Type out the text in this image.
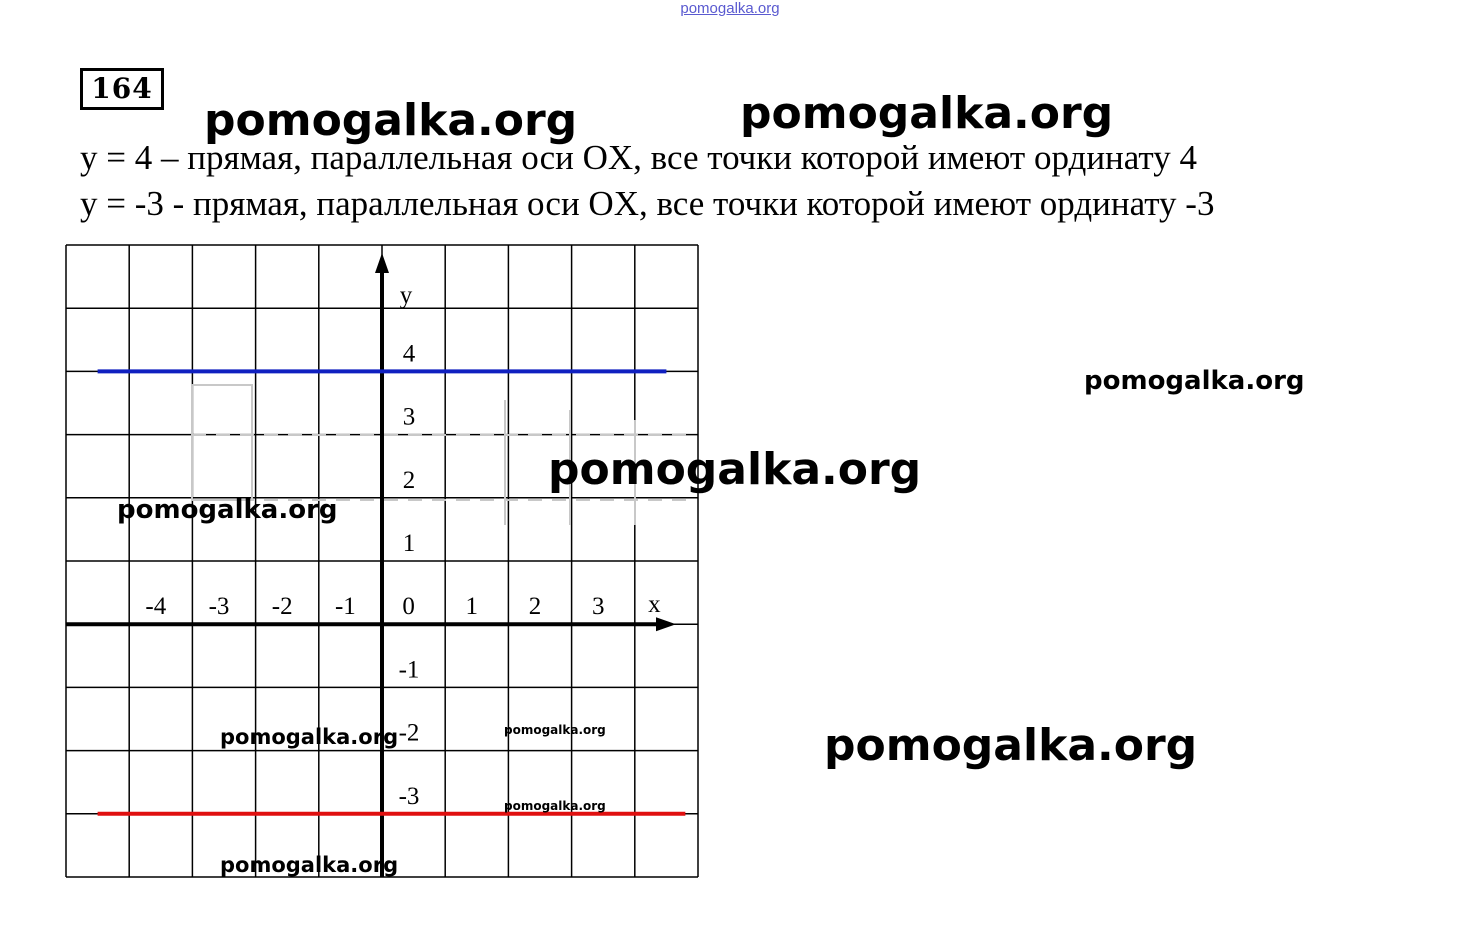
pomogalka.org
164
y = 4 – прямая, параллельная оси OX, все точки которой имеют ординату 4
y = -3 - прямая, параллельная оси OX, все точки которой имеют ординату -3
-4 -3 -2 -1 0 1 2 3
4
3
2
1
-1
-2
-3
x
y
pomogalka.org	pomogalka.org
pomogalka.org
pomogalka.org
pomogalka.org
pomogalka.org	pomogalka.org	pomogalka.org
pomogalka.org
pomogalka.org
